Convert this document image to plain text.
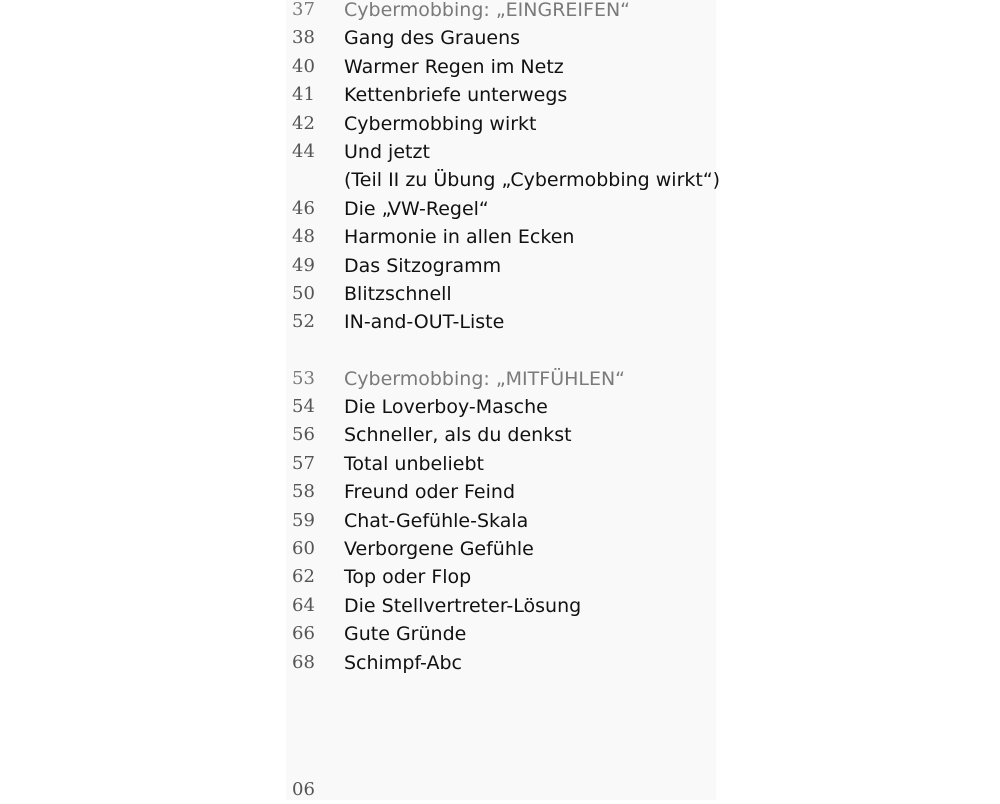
37	Cybermobbing: „EINGREIFEN“
38	Gang des Grauens
40	Warmer Regen im Netz
41	Kettenbriefe unterwegs
42	Cybermobbing wirkt
44	Und jetzt
(Teil II zu Übung „Cybermobbing wirkt“)
46	Die „VW-Regel“
48	Harmonie in allen Ecken
49	Das Sitzogramm
50	Blitzschnell
52	IN-and-OUT-Liste
53	Cybermobbing: „MITFÜHLEN“
54	Die Loverboy-Masche
56	Schneller, als du denkst
57	Total unbeliebt
58	Freund oder Feind
59	Chat-Gefühle-Skala
60	Verborgene Gefühle
62	Top oder Flop
64	Die Stellvertreter-Lösung
66	Gute Gründe
68	Schimpf-Abc
06
